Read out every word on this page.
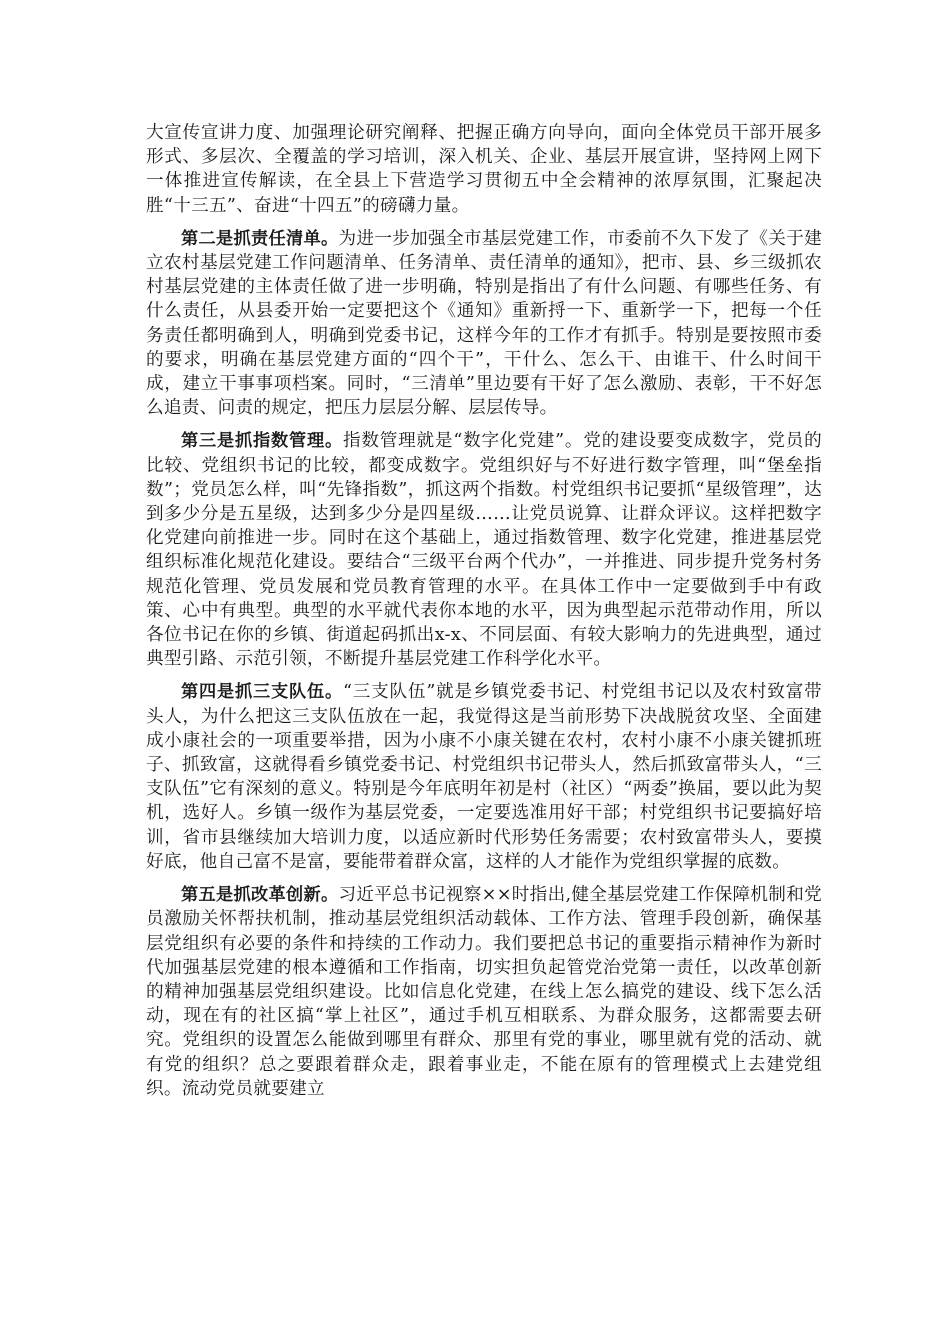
大宣传宣讲力度、加强理论研究阐释、把握正确方向导向，面向全体党员干部开展多形式、多层次、全覆盖的学习培训，深入机关、企业、基层开展宣讲，坚持网上网下一体推进宣传解读，在全县上下营造学习贯彻五中全会精神的浓厚氛围，汇聚起决胜“十三五”、奋进“十四五”的磅礴力量。

第二是抓责任清单。为进一步加强全市基层党建工作，市委前不久下发了《关于建立农村基层党建工作问题清单、任务清单、责任清单的通知》，把市、县、乡三级抓农村基层党建的主体责任做了进一步明确，特别是指出了有什么问题、有哪些任务、有什么责任，从县委开始一定要把这个《通知》重新捋一下、重新学一下，把每一个任务责任都明确到人，明确到党委书记，这样今年的工作才有抓手。特别是要按照市委的要求，明确在基层党建方面的“四个干”，干什么、怎么干、由谁干、什么时间干成，建立干事事项档案。同时，“三清单”里边要有干好了怎么激励、表彰，干不好怎么追责、问责的规定，把压力层层分解、层层传导。

第三是抓指数管理。指数管理就是“数字化党建”。党的建设要变成数字，党员的比较、党组织书记的比较，都变成数字。党组织好与不好进行数字管理，叫“堡垒指数”；党员怎么样，叫“先锋指数”，抓这两个指数。村党组织书记要抓“星级管理”，达到多少分是五星级，达到多少分是四星级……让党员说算、让群众评议。这样把数字化党建向前推进一步。同时在这个基础上，通过指数管理、数字化党建，推进基层党组织标准化规范化建设。要结合“三级平台两个代办”，一并推进、同步提升党务村务规范化管理、党员发展和党员教育管理的水平。在具体工作中一定要做到手中有政策、心中有典型。典型的水平就代表你本地的水平，因为典型起示范带动作用，所以各位书记在你的乡镇、街道起码抓出x-x、不同层面、有较大影响力的先进典型，通过典型引路、示范引领，不断提升基层党建工作科学化水平。

第四是抓三支队伍。“三支队伍”就是乡镇党委书记、村党组书记以及农村致富带头人，为什么把这三支队伍放在一起，我觉得这是当前形势下决战脱贫攻坚、全面建成小康社会的一项重要举措，因为小康不小康关键在农村，农村小康不小康关键抓班子、抓致富，这就得看乡镇党委书记、村党组织书记带头人，然后抓致富带头人，“三支队伍”它有深刻的意义。特别是今年底明年初是村（社区）“两委”换届，要以此为契机，选好人。乡镇一级作为基层党委，一定要选准用好干部；村党组织书记要搞好培训，省市县继续加大培训力度，以适应新时代形势任务需要；农村致富带头人，要摸好底，他自己富不是富，要能带着群众富，这样的人才能作为党组织掌握的底数。

第五是抓改革创新。习近平总书记视察××时指出,健全基层党建工作保障机制和党员激励关怀帮扶机制，推动基层党组织活动载体、工作方法、管理手段创新，确保基层党组织有必要的条件和持续的工作动力。我们要把总书记的重要指示精神作为新时代加强基层党建的根本遵循和工作指南，切实担负起管党治党第一责任，以改革创新的精神加强基层党组织建设。比如信息化党建，在线上怎么搞党的建设、线下怎么活动，现在有的社区搞“掌上社区”，通过手机互相联系、为群众服务，这都需要去研究。党组织的设置怎么能做到哪里有群众、那里有党的事业，哪里就有党的活动、就有党的组织？总之要跟着群众走，跟着事业走，不能在原有的管理模式上去建党组织。流动党员就要建立
